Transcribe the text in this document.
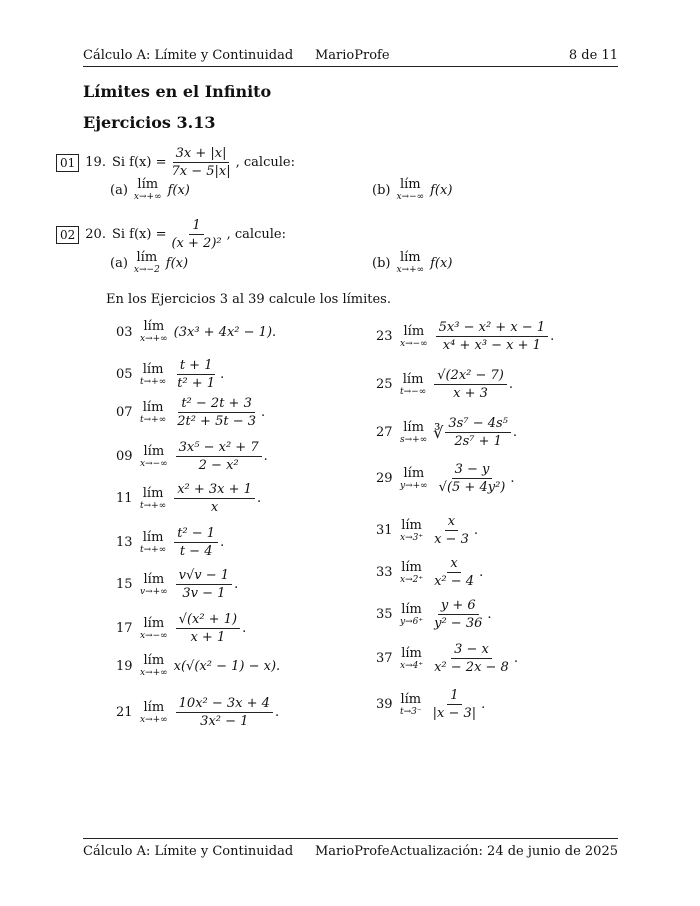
Cálculo A: Límite y Continuidad MarioProfe	8 de 11
Límites en el Infinito
Ejercicios 3.13
01 19. Si $f(x) = \frac{3x + |x|}{7x - 5|x|}$ , calcule:
(a) lím
x→+∞ f(x)	(b) lím
x→−∞ f(x)
02 20. Si $f(x) = \frac{1}{\text{(x + 2)²}}$ , calcule:
(a) lím
x→−2 f(x)	(b) lím
x→+∞ f(x)
En los Ejercicios 3 al 39 calcule los límites.
03 lím
x→+∞ (3x³ + 4x² − 1).
05 lím
$t\to+\infty \frac{t + 1}{\text{t² + 1}}$ .
07 lím
$t\to+\infty \frac{\text{t² − 2t + 3}}{\text{2t² + 5t − 3}}$ .
09 lím
$x\to-\infty \frac{\text{3x⁵ − x² + 7}}{\text{2 − x²}}$ .
11 lím
$t\to+\infty \frac{\text{x² + 3x + 1}}{x}$ .
13 lím
$t\to+\infty \frac{\text{t² − 1}}{t - 4}$ .
15 lím
$v\to+\infty \frac{v√v - 1}{3v - 1}$ .
17 lím
$x\to-\infty \frac{\text{√(x² + 1)}}{x + 1}$ .
19 lím
x→+∞ x(√(x² − 1) − x).
21 lím
$x\to+\infty \frac{\text{10x² − 3x + 4}}{\text{3x² − 1}}$ .
23 lím
$x\to-\infty \frac{\text{5x³ − x² + x − 1}}{\text{x⁴ + x³ − x + 1}}$ .
25 lím
$t\to-\infty \frac{\text{√(2x² − 7)}}{x + 3}$ .
27 lím
s→+∞ ∛ $\frac{\text{3s⁷ − 4s⁵}}{\text{2s⁷ + 1}}$ .
29 lím
$y\to+\infty \frac{3 - y}{\text{√(5 + 4y²)}}$ .
31 lím
$x\to 3^+ \frac{x}{x - 3}$ .
33 lím
$x\to 2^+ \frac{x}{\text{x² − 4}}$ .
35 lím
$y\to 6^+ \frac{y + 6}{\text{y² − 36}}$ .
37 lím
$x\to 4^+ \frac{3 - x}{\text{x² − 2x − 8}}$ .
39 lím
$t\to 3^- \frac{1}{|x - 3|}$ .
Cálculo A: Límite y Continuidad MarioProfe Actualización: 24 de junio de 2025
